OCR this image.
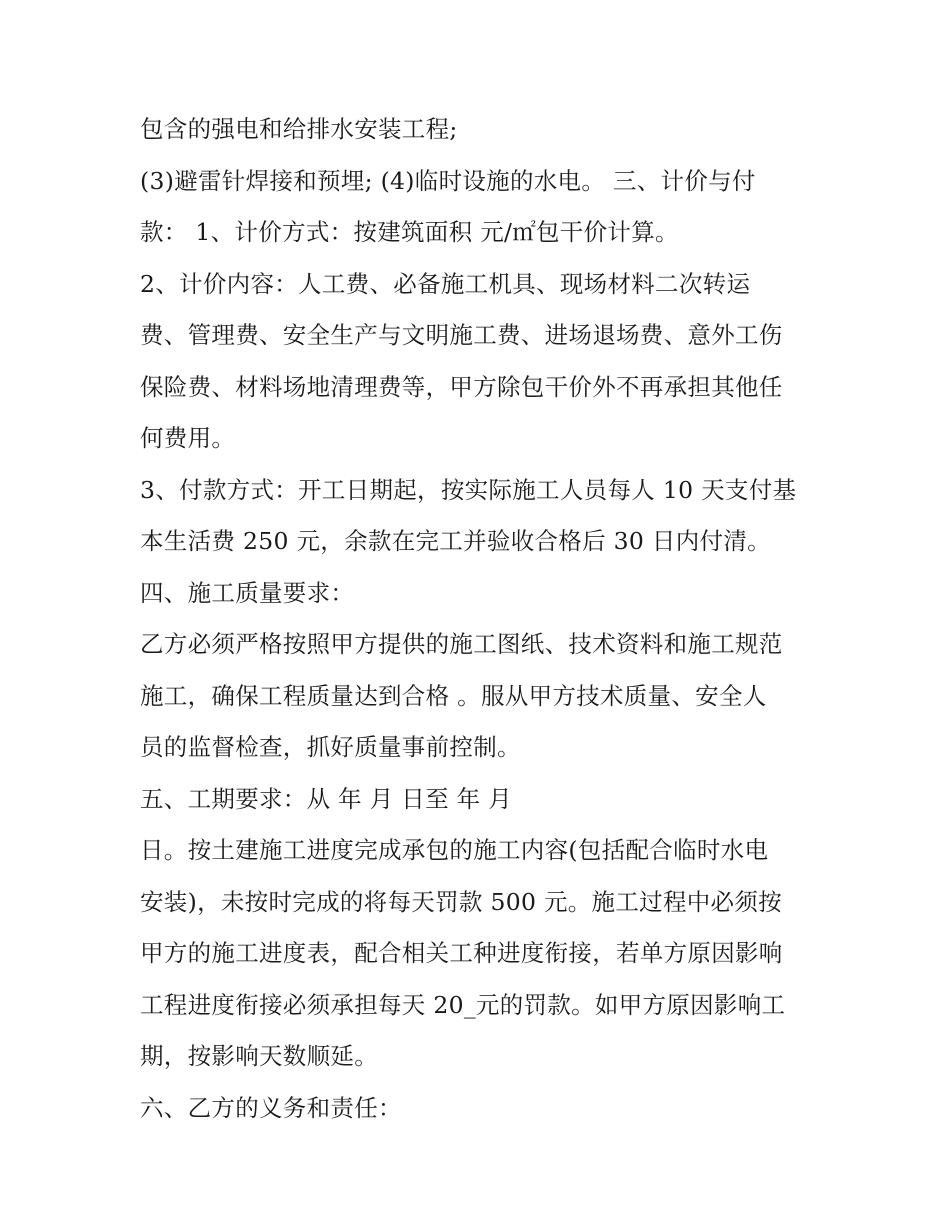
包含的强电和给排水安装工程;
(3)避雷针焊接和预埋; (4)临时设施的水电。 三、计价与付
款： 1、计价方式：按建筑面积 元/㎡包干价计算。
2、计价内容：人工费、必备施工机具、现场材料二次转运
费、管理费、安全生产与文明施工费、进场退场费、意外工伤
保险费、材料场地清理费等，甲方除包干价外不再承担其他任
何费用。
3、付款方式：开工日期起，按实际施工人员每人 10 天支付基
本生活费 250 元，余款在完工并验收合格后 30 日内付清。
四、施工质量要求：
乙方必须严格按照甲方提供的施工图纸、技术资料和施工规范
施工，确保工程质量达到合格 。服从甲方技术质量、安全人
员的监督检查，抓好质量事前控制。
五、工期要求：从 年 月 日至 年 月
日。按土建施工进度完成承包的施工内容(包括配合临时水电
安装)，未按时完成的将每天罚款 500 元。施工过程中必须按
甲方的施工进度表，配合相关工种进度衔接，若单方原因影响
工程进度衔接必须承担每天 20_元的罚款。如甲方原因影响工
期，按影响天数顺延。
六、乙方的义务和责任：
